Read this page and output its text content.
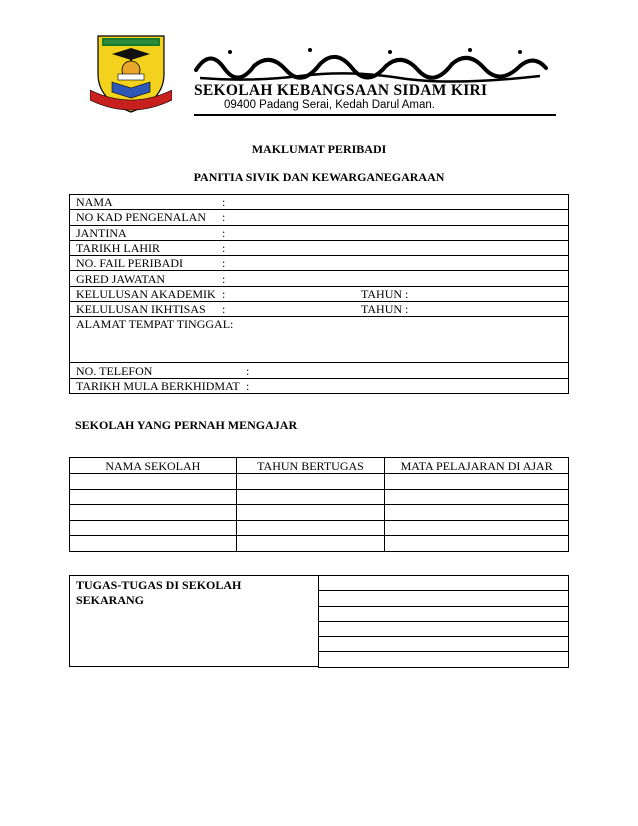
SEKOLAH KEBANGSAAN SIDAM KIRI
09400 Padang Serai, Kedah Darul Aman.
MAKLUMAT PERIBADI
PANITIA SIVIK DAN KEWARGANEGARAAN
NAMA	:
NO KAD PENGENALAN :
JANTINA	:
TARIKH LAHIR	:
NO. FAIL PERIBADI	:
GRED JAWATAN	:
KELULUSAN AKADEMIK :	TAHUN :

KELULUSAN IKHTISAS :	TAHUN :

ALAMAT TEMPAT TINGGAL:
NO. TELEFON	:
TARIKH MULA BERKHIDMAT :
SEKOLAH YANG PERNAH MENGAJAR
NAMA SEKOLAH	TAHUN BERTUGAS	MATA PELAJARAN DI AJAR

TUGAS-TUGAS DI SEKOLAH SEKARANG
